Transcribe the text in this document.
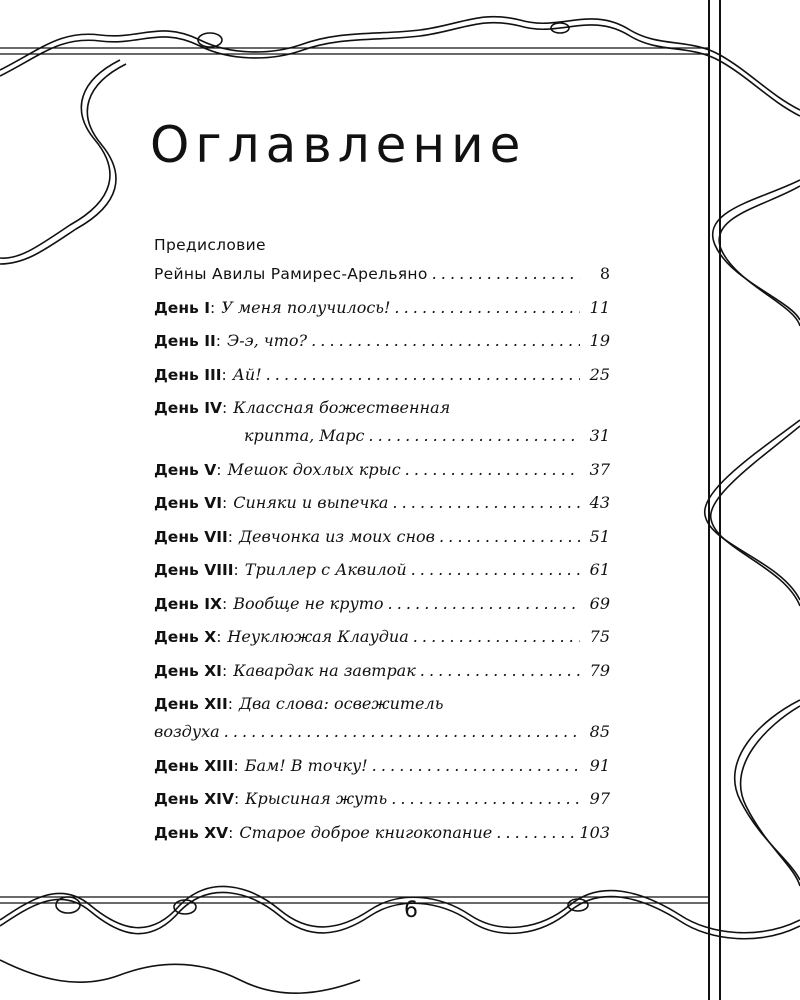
Оглавление
Предисловие
Рейны Авилы Рамирес-Арельяно . . .	8
День I : У меня получилось! . . .	11
День II : Э-э, что? . . .	19
День III : Ай! . . .	25
День IV : Классная божественная
крипта, Марс . . .	31
День V : Мешок дохлых крыс . . .	37
День VI : Синяки и выпечка . . .	43
День VII : Девчонка из моих снов . . .	51
День VIII : Триллер с Аквилой . . .	61
День IX : Вообще не круто . . .	69
День X : Неуклюжая Клаудиа . . .	75
День XI : Кавардак на завтрак . . .	79
День XII : Два слова: освежитель
воздуха . . .	85
День XIII : Бам! В точку! . . .	91
День XIV : Крысиная жуть . . .	97
День XV : Старое доброе книгокопание . . .	103
6
